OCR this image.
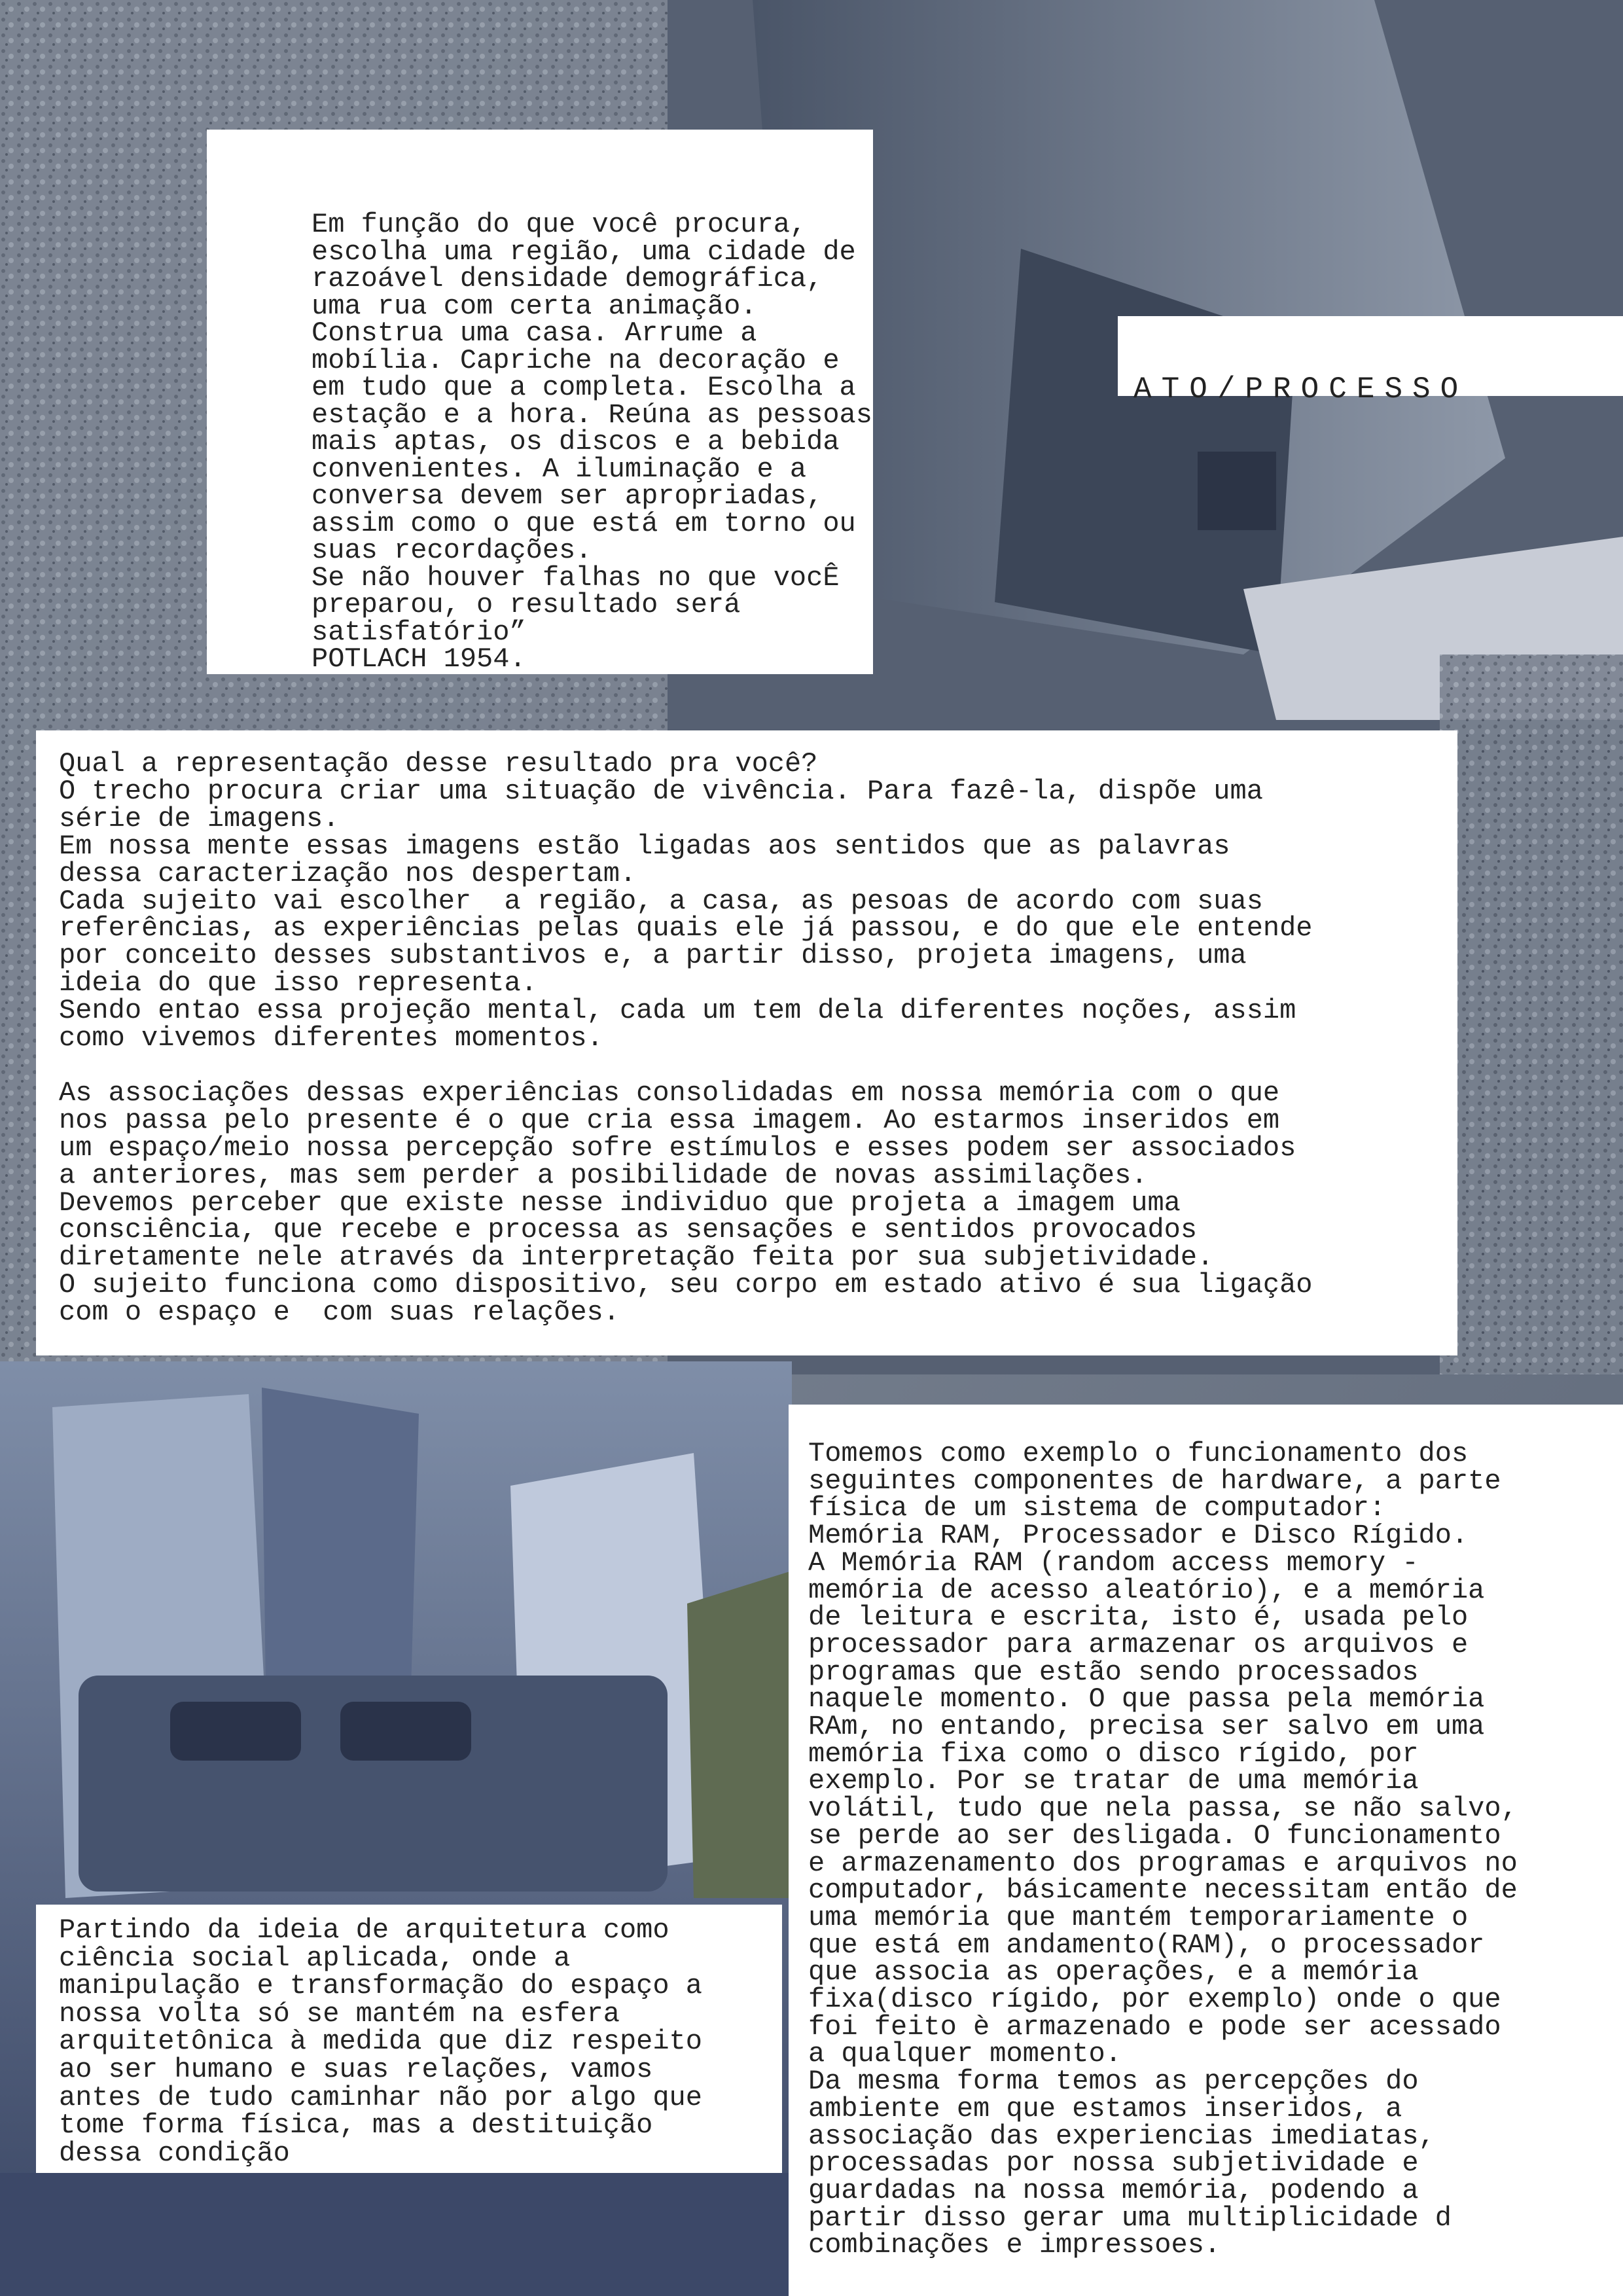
Em função do que você procura,
escolha uma região, uma cidade de
razoável densidade demográfica,
uma rua com certa animação.
Construa uma casa. Arrume a
mobília. Capriche na decoração e
em tudo que a completa. Escolha a
estação e a hora. Reúna as pessoas
mais aptas, os discos e a bebida
convenientes. A iluminação e a
conversa devem ser apropriadas,
assim como o que está em torno ou
suas recordações.
Se não houver falhas no que vocÊ
preparou, o resultado será
satisfatório”
POTLACH 1954.

ATO/PROCESSO
Qual a representação desse resultado pra você?
O trecho procura criar uma situação de vivência. Para fazê-la, dispõe uma
série de imagens.
Em nossa mente essas imagens estão ligadas aos sentidos que as palavras
dessa caracterização nos despertam.
Cada sujeito vai escolher  a região, a casa, as pesoas de acordo com suas
referências, as experiências pelas quais ele já passou, e do que ele entende
por conceito desses substantivos e, a partir disso, projeta imagens, uma
ideia do que isso representa.
Sendo entao essa projeção mental, cada um tem dela diferentes noções, assim
como vivemos diferentes momentos.

As associações dessas experiências consolidadas em nossa memória com o que
nos passa pelo presente é o que cria essa imagem. Ao estarmos inseridos em
um espaço/meio nossa percepção sofre estímulos e esses podem ser associados
a anteriores, mas sem perder a posibilidade de novas assimilações.
Devemos perceber que existe nesse individuo que projeta a imagem uma
consciência, que recebe e processa as sensações e sentidos provocados
diretamente nele através da interpretação feita por sua subjetividade.
O sujeito funciona como dispositivo, seu corpo em estado ativo é sua ligação
com o espaço e  com suas relações.

Tomemos como exemplo o funcionamento dos
seguintes componentes de hardware, a parte
física de um sistema de computador:
Memória RAM, Processador e Disco Rígido.
A Memória RAM (random access memory -
memória de acesso aleatório), e a memória
de leitura e escrita, isto é, usada pelo
processador para armazenar os arquivos e
programas que estão sendo processados
naquele momento. O que passa pela memória
RAm, no entando, precisa ser salvo em uma
memória fixa como o disco rígido, por
exemplo. Por se tratar de uma memória
volátil, tudo que nela passa, se não salvo,
se perde ao ser desligada. O funcionamento
e armazenamento dos programas e arquivos no
computador, básicamente necessitam então de
uma memória que mantém temporariamente o
que está em andamento(RAM), o processador
que associa as operações, e a memória
fixa(disco rígido, por exemplo) onde o que
foi feito è armazenado e pode ser acessado
a qualquer momento.
Da mesma forma temos as percepções do
ambiente em que estamos inseridos, a
associação das experiencias imediatas,
processadas por nossa subjetividade e
guardadas na nossa memória, podendo a
partir disso gerar uma multiplicidade d
combinações e impressoes.

Partindo da ideia de arquitetura como
ciência social aplicada, onde a
manipulação e transformação do espaço a
nossa volta só se mantém na esfera
arquitetônica à medida que diz respeito
ao ser humano e suas relações, vamos
antes de tudo caminhar não por algo que
tome forma física, mas a destituição
dessa condição
